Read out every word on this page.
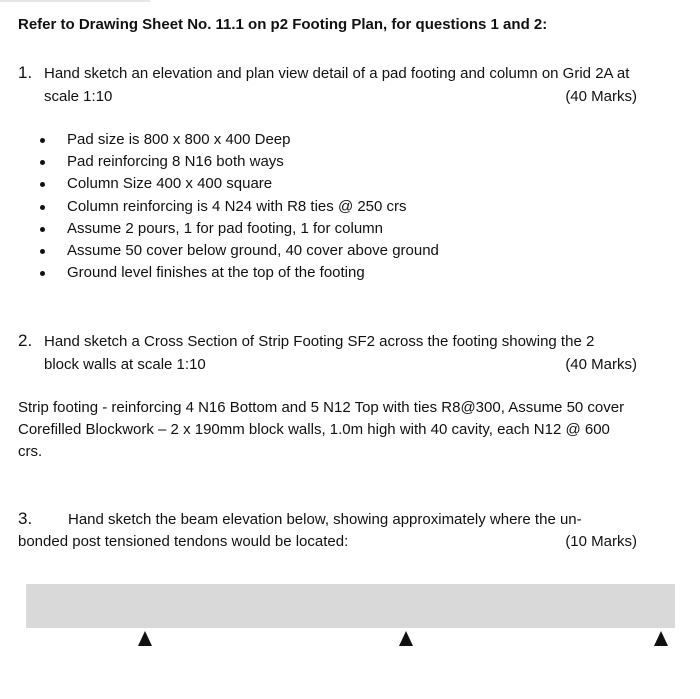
Refer to Drawing Sheet No. 11.1 on p2 Footing Plan, for questions 1 and 2:
1. Hand sketch an elevation and plan view detail of a pad footing and column on Grid 2A at
scale 1:10	(40 Marks)
Pad size is 800 x 800 x 400 Deep
Pad reinforcing 8 N16 both ways
Column Size 400 x 400 square
Column reinforcing is 4 N24 with R8 ties @ 250 crs
Assume 2 pours, 1 for pad footing, 1 for column
Assume 50 cover below ground, 40 cover above ground
Ground level finishes at the top of the footing
2. Hand sketch a Cross Section of Strip Footing SF2 across the footing showing the 2
block walls at scale 1:10	(40 Marks)
Strip footing - reinforcing 4 N16 Bottom and 5 N12 Top with ties R8@300, Assume 50 cover
Corefilled Blockwork – 2 x 190mm block walls, 1.0m high with 40 cavity, each N12 @ 600
crs.
3. Hand sketch the beam elevation below, showing approximately where the un-
bonded post tensioned tendons would be located:	(10 Marks)
